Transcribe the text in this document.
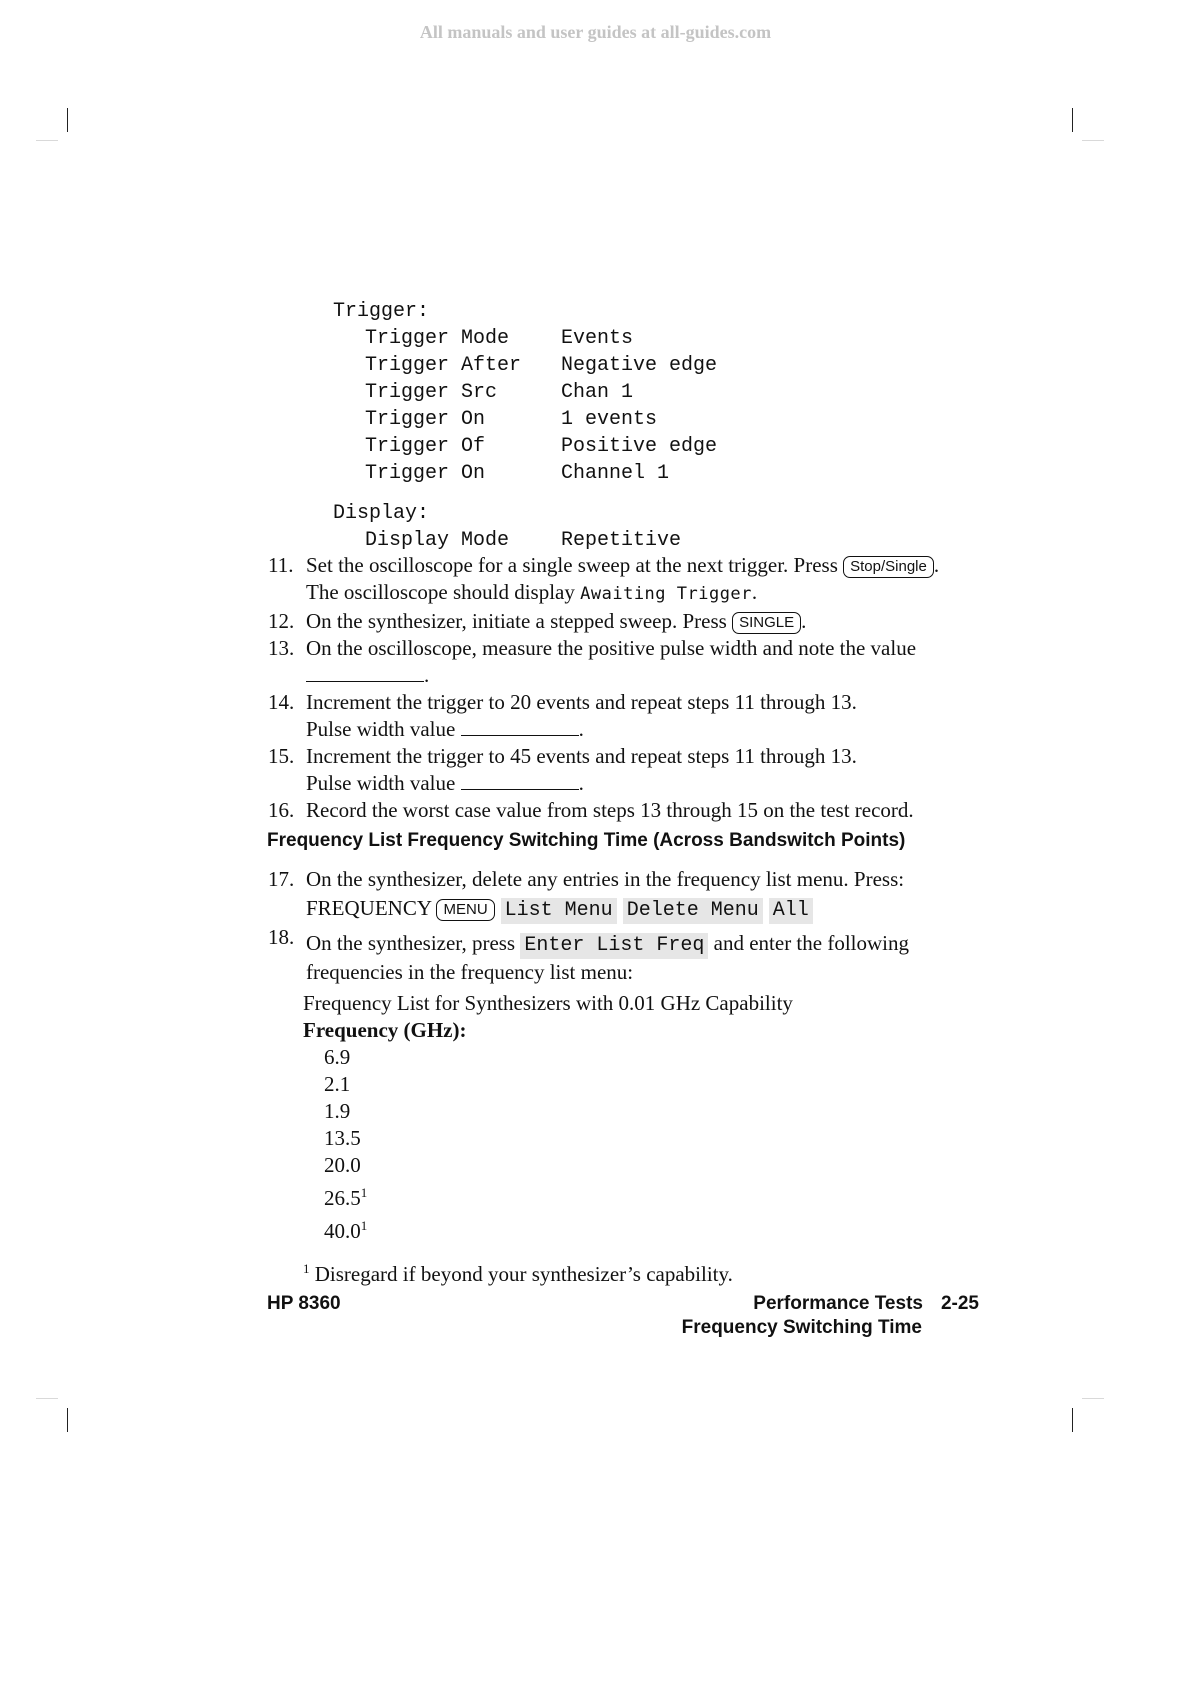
All manuals and user guides at all-guides.com
Trigger:
Trigger Mode	Events
Trigger After	Negative edge
Trigger Src	Chan 1
Trigger On	1 events
Trigger Of	Positive edge
Trigger On	Channel 1
Display:
Display Mode	Repetitive
11. Set the oscilloscope for a single sweep at the next trigger. Press Stop/Single .
The oscilloscope should display Awaiting Trigger.
12. On the synthesizer, initiate a stepped sweep. Press SINGLE .
13. On the oscilloscope, measure the positive pulse width and note the value
.
14. Increment the trigger to 20 events and repeat steps 11 through 13.
Pulse width value	.
15. Increment the trigger to 45 events and repeat steps 11 through 13.
Pulse width value	.
16. Record the worst case value from steps 13 through 15 on the test record.
Frequency List Frequency Switching Time (Across Bandswitch Points)
17. On the synthesizer, delete any entries in the frequency list menu. Press:
FREQUENCY MENU List Menu Delete Menu All
18. On the synthesizer, press Enter List Freq and enter the following
frequencies in the frequency list menu:
Frequency List for Synthesizers with 0.01 GHz Capability
Frequency (GHz):
6.9
2.1
1.9
13.5
20.0
26.5$^1$
40.0$^1$
$^1$ Disregard if beyond your synthesizer’s capability.
HP 8360	Performance Tests 2-25
Frequency Switching Time
